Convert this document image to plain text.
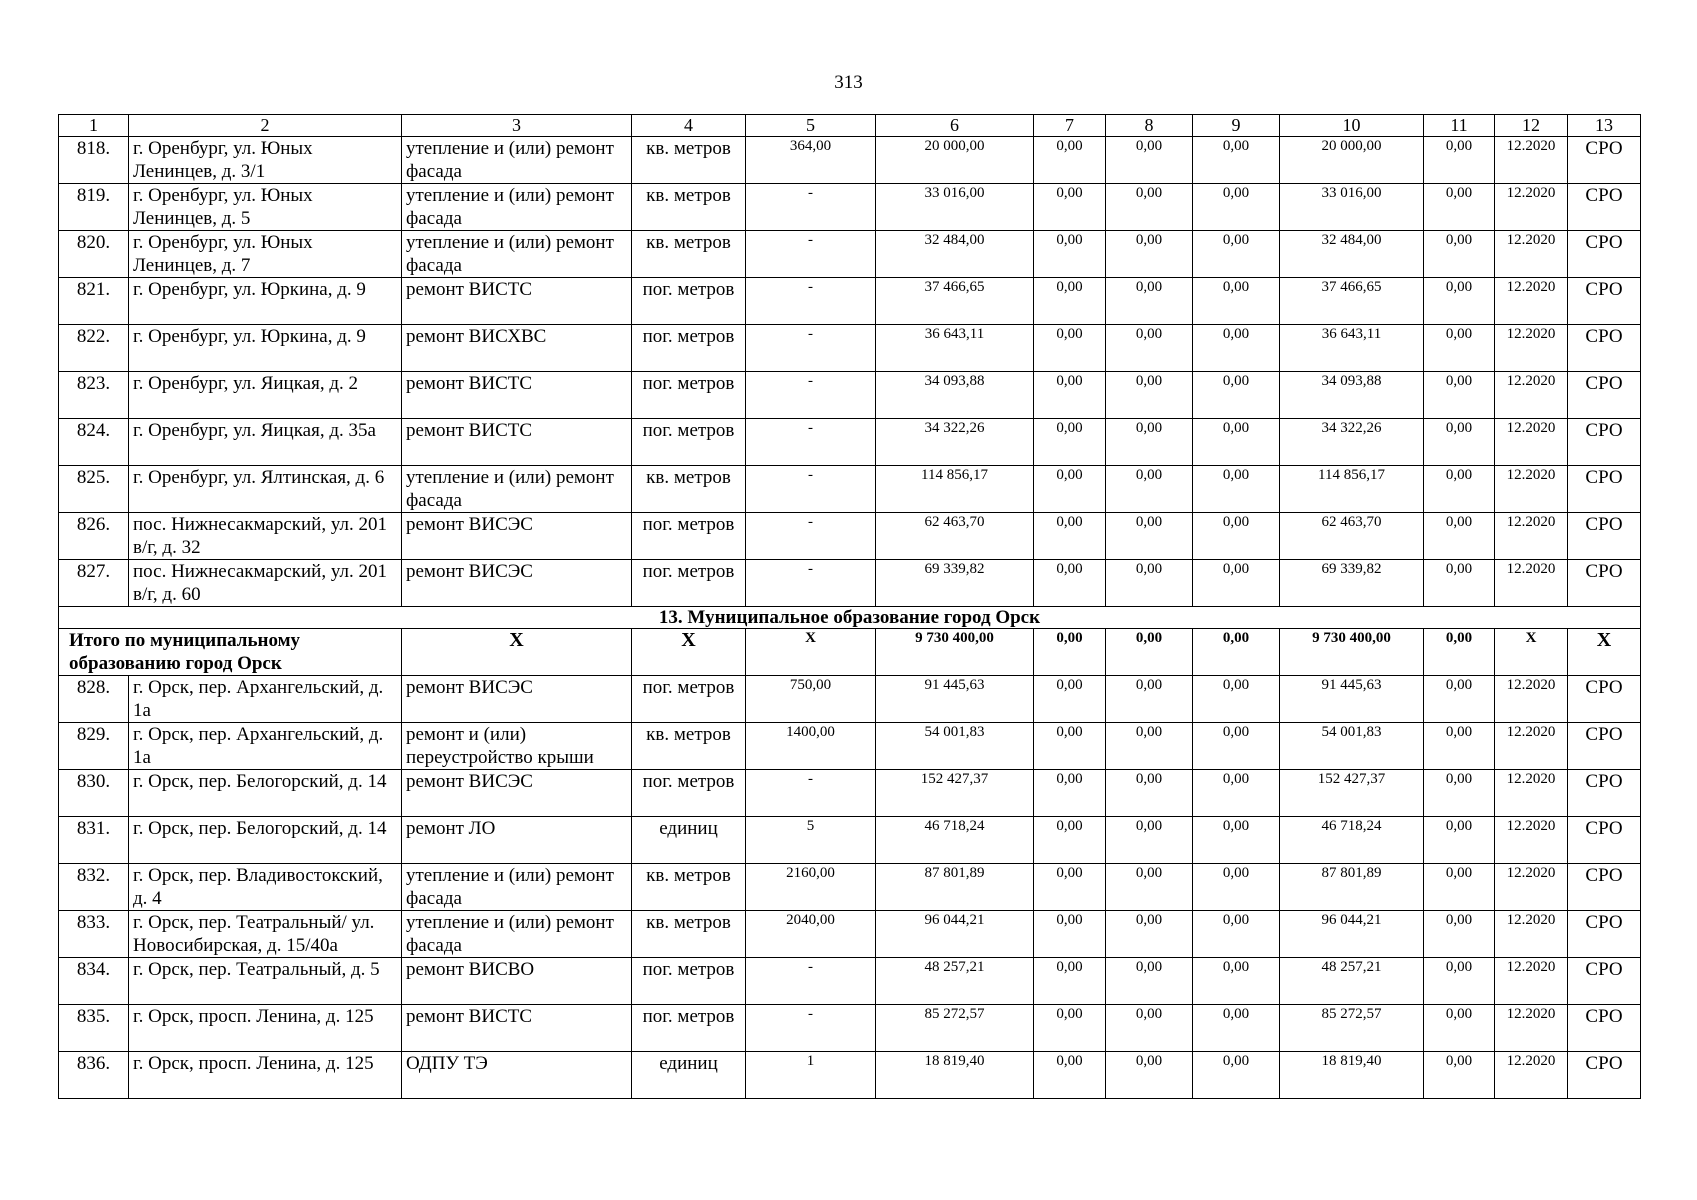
313
1	2	3	4	5	6	7	8	9	10	11	12	13
818.	г. Оренбург, ул. Юных Ленинцев, д. 3/1	утепление и (или) ремонт фасада	кв. метров	364,00	20 000,00	0,00	0,00	0,00	20 000,00	0,00	12.2020	СРО
819.	г. Оренбург, ул. Юных Ленинцев, д. 5	утепление и (или) ремонт фасада	кв. метров	-	33 016,00	0,00	0,00	0,00	33 016,00	0,00	12.2020	СРО
820.	г. Оренбург, ул. Юных Ленинцев, д. 7	утепление и (или) ремонт фасада	кв. метров	-	32 484,00	0,00	0,00	0,00	32 484,00	0,00	12.2020	СРО
821.	г. Оренбург, ул. Юркина, д. 9	ремонт ВИСТС	пог. метров	-	37 466,65	0,00	0,00	0,00	37 466,65	0,00	12.2020	СРО
822.	г. Оренбург, ул. Юркина, д. 9	ремонт ВИСХВС	пог. метров	-	36 643,11	0,00	0,00	0,00	36 643,11	0,00	12.2020	СРО
823.	г. Оренбург, ул. Яицкая, д. 2	ремонт ВИСТС	пог. метров	-	34 093,88	0,00	0,00	0,00	34 093,88	0,00	12.2020	СРО
824.	г. Оренбург, ул. Яицкая, д. 35а	ремонт ВИСТС	пог. метров	-	34 322,26	0,00	0,00	0,00	34 322,26	0,00	12.2020	СРО
825.	г. Оренбург, ул. Ялтинская, д. 6	утепление и (или) ремонт фасада	кв. метров	-	114 856,17	0,00	0,00	0,00	114 856,17	0,00	12.2020	СРО
826.	пос. Нижнесакмарский, ул. 201 в/г, д. 32	ремонт ВИСЭС	пог. метров	-	62 463,70	0,00	0,00	0,00	62 463,70	0,00	12.2020	СРО
827.	пос. Нижнесакмарский, ул. 201 в/г, д. 60	ремонт ВИСЭС	пог. метров	-	69 339,82	0,00	0,00	0,00	69 339,82	0,00	12.2020	СРО
13. Муниципальное образование город Орск												
Итого по муниципальному образованию город Орск		X	X	X	9 730 400,00	0,00	0,00	0,00	9 730 400,00	0,00	X	X
828.	г. Орск, пер. Архангельский, д. 1а	ремонт ВИСЭС	пог. метров	750,00	91 445,63	0,00	0,00	0,00	91 445,63	0,00	12.2020	СРО
829.	г. Орск, пер. Архангельский, д. 1а	ремонт и (или) переустройство крыши	кв. метров	1400,00	54 001,83	0,00	0,00	0,00	54 001,83	0,00	12.2020	СРО
830.	г. Орск, пер. Белогорский, д. 14	ремонт ВИСЭС	пог. метров	-	152 427,37	0,00	0,00	0,00	152 427,37	0,00	12.2020	СРО
831.	г. Орск, пер. Белогорский, д. 14	ремонт ЛО	единиц	5	46 718,24	0,00	0,00	0,00	46 718,24	0,00	12.2020	СРО
832.	г. Орск, пер. Владивостокский, д. 4	утепление и (или) ремонт фасада	кв. метров	2160,00	87 801,89	0,00	0,00	0,00	87 801,89	0,00	12.2020	СРО
833.	г. Орск, пер. Театральный/ ул. Новосибирская, д. 15/40а	утепление и (или) ремонт фасада	кв. метров	2040,00	96 044,21	0,00	0,00	0,00	96 044,21	0,00	12.2020	СРО
834.	г. Орск, пер. Театральный, д. 5	ремонт ВИСВО	пог. метров	-	48 257,21	0,00	0,00	0,00	48 257,21	0,00	12.2020	СРО
835.	г. Орск, просп. Ленина, д. 125	ремонт ВИСТС	пог. метров	-	85 272,57	0,00	0,00	0,00	85 272,57	0,00	12.2020	СРО
836.	г. Орск, просп. Ленина, д. 125	ОДПУ ТЭ	единиц	1	18 819,40	0,00	0,00	0,00	18 819,40	0,00	12.2020	СРО
